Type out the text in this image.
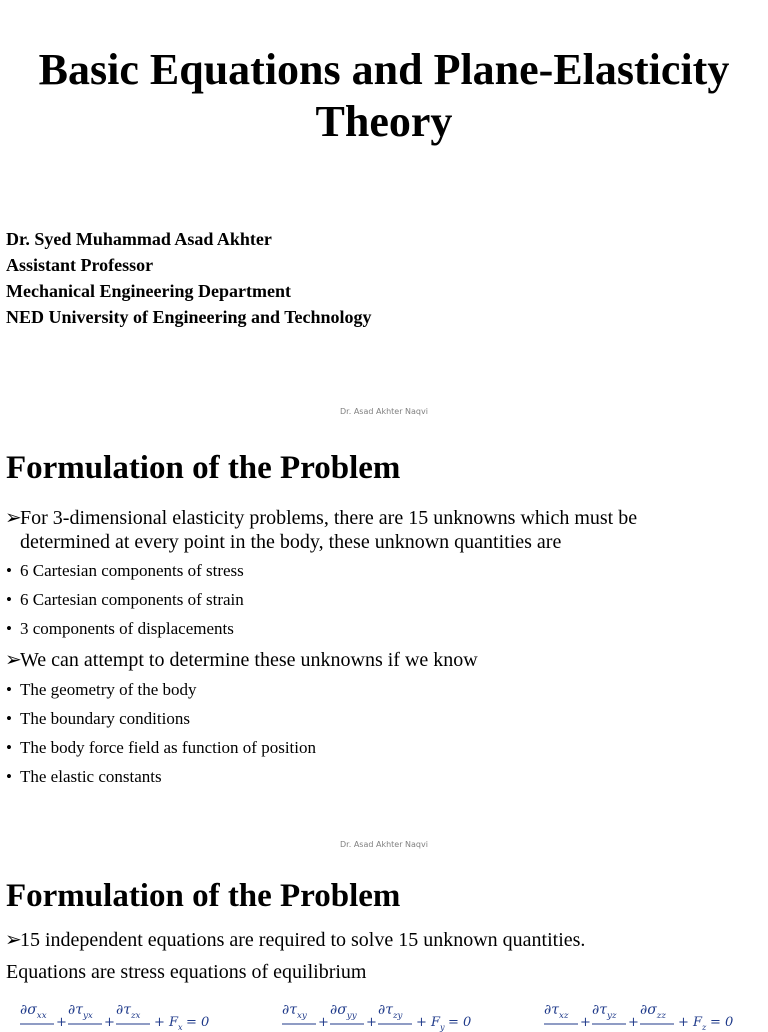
Basic Equations and Plane-Elasticity Theory
Dr. Syed Muhammad Asad Akhter
Assistant Professor
Mechanical Engineering Department
NED University of Engineering and Technology
Dr. Asad Akhter Naqvi
Formulation of the Problem
➢
For 3-dimensional elasticity problems, there are 15 unknowns which must be
determined at every point in the body, these unknown quantities are
• 6 Cartesian components of stress
• 6 Cartesian components of strain
• 3 components of displacements
➢
We can attempt to determine these unknowns if we know
• The geometry of the body
• The boundary conditions
• The body force field as function of position
• The elastic constants
Dr. Asad Akhter Naqvi
Formulation of the Problem
➢
15 independent equations are required to solve 15 unknown quantities.
Equations are stress equations of equilibrium
$\partial\sigma_{xx}$ +
$\partial\tau_{yx}$ +
$\partial\tau_{zx} + F_x = 0$
$\partial\tau_{xy}$ +
$\partial\sigma_{yy}$ +
$\partial\tau_{zy} + F_y = 0$
$\partial\tau_{xz}$ +
$\partial\tau_{yz}$ +
$\partial\sigma_{zz} + F_z = 0$
